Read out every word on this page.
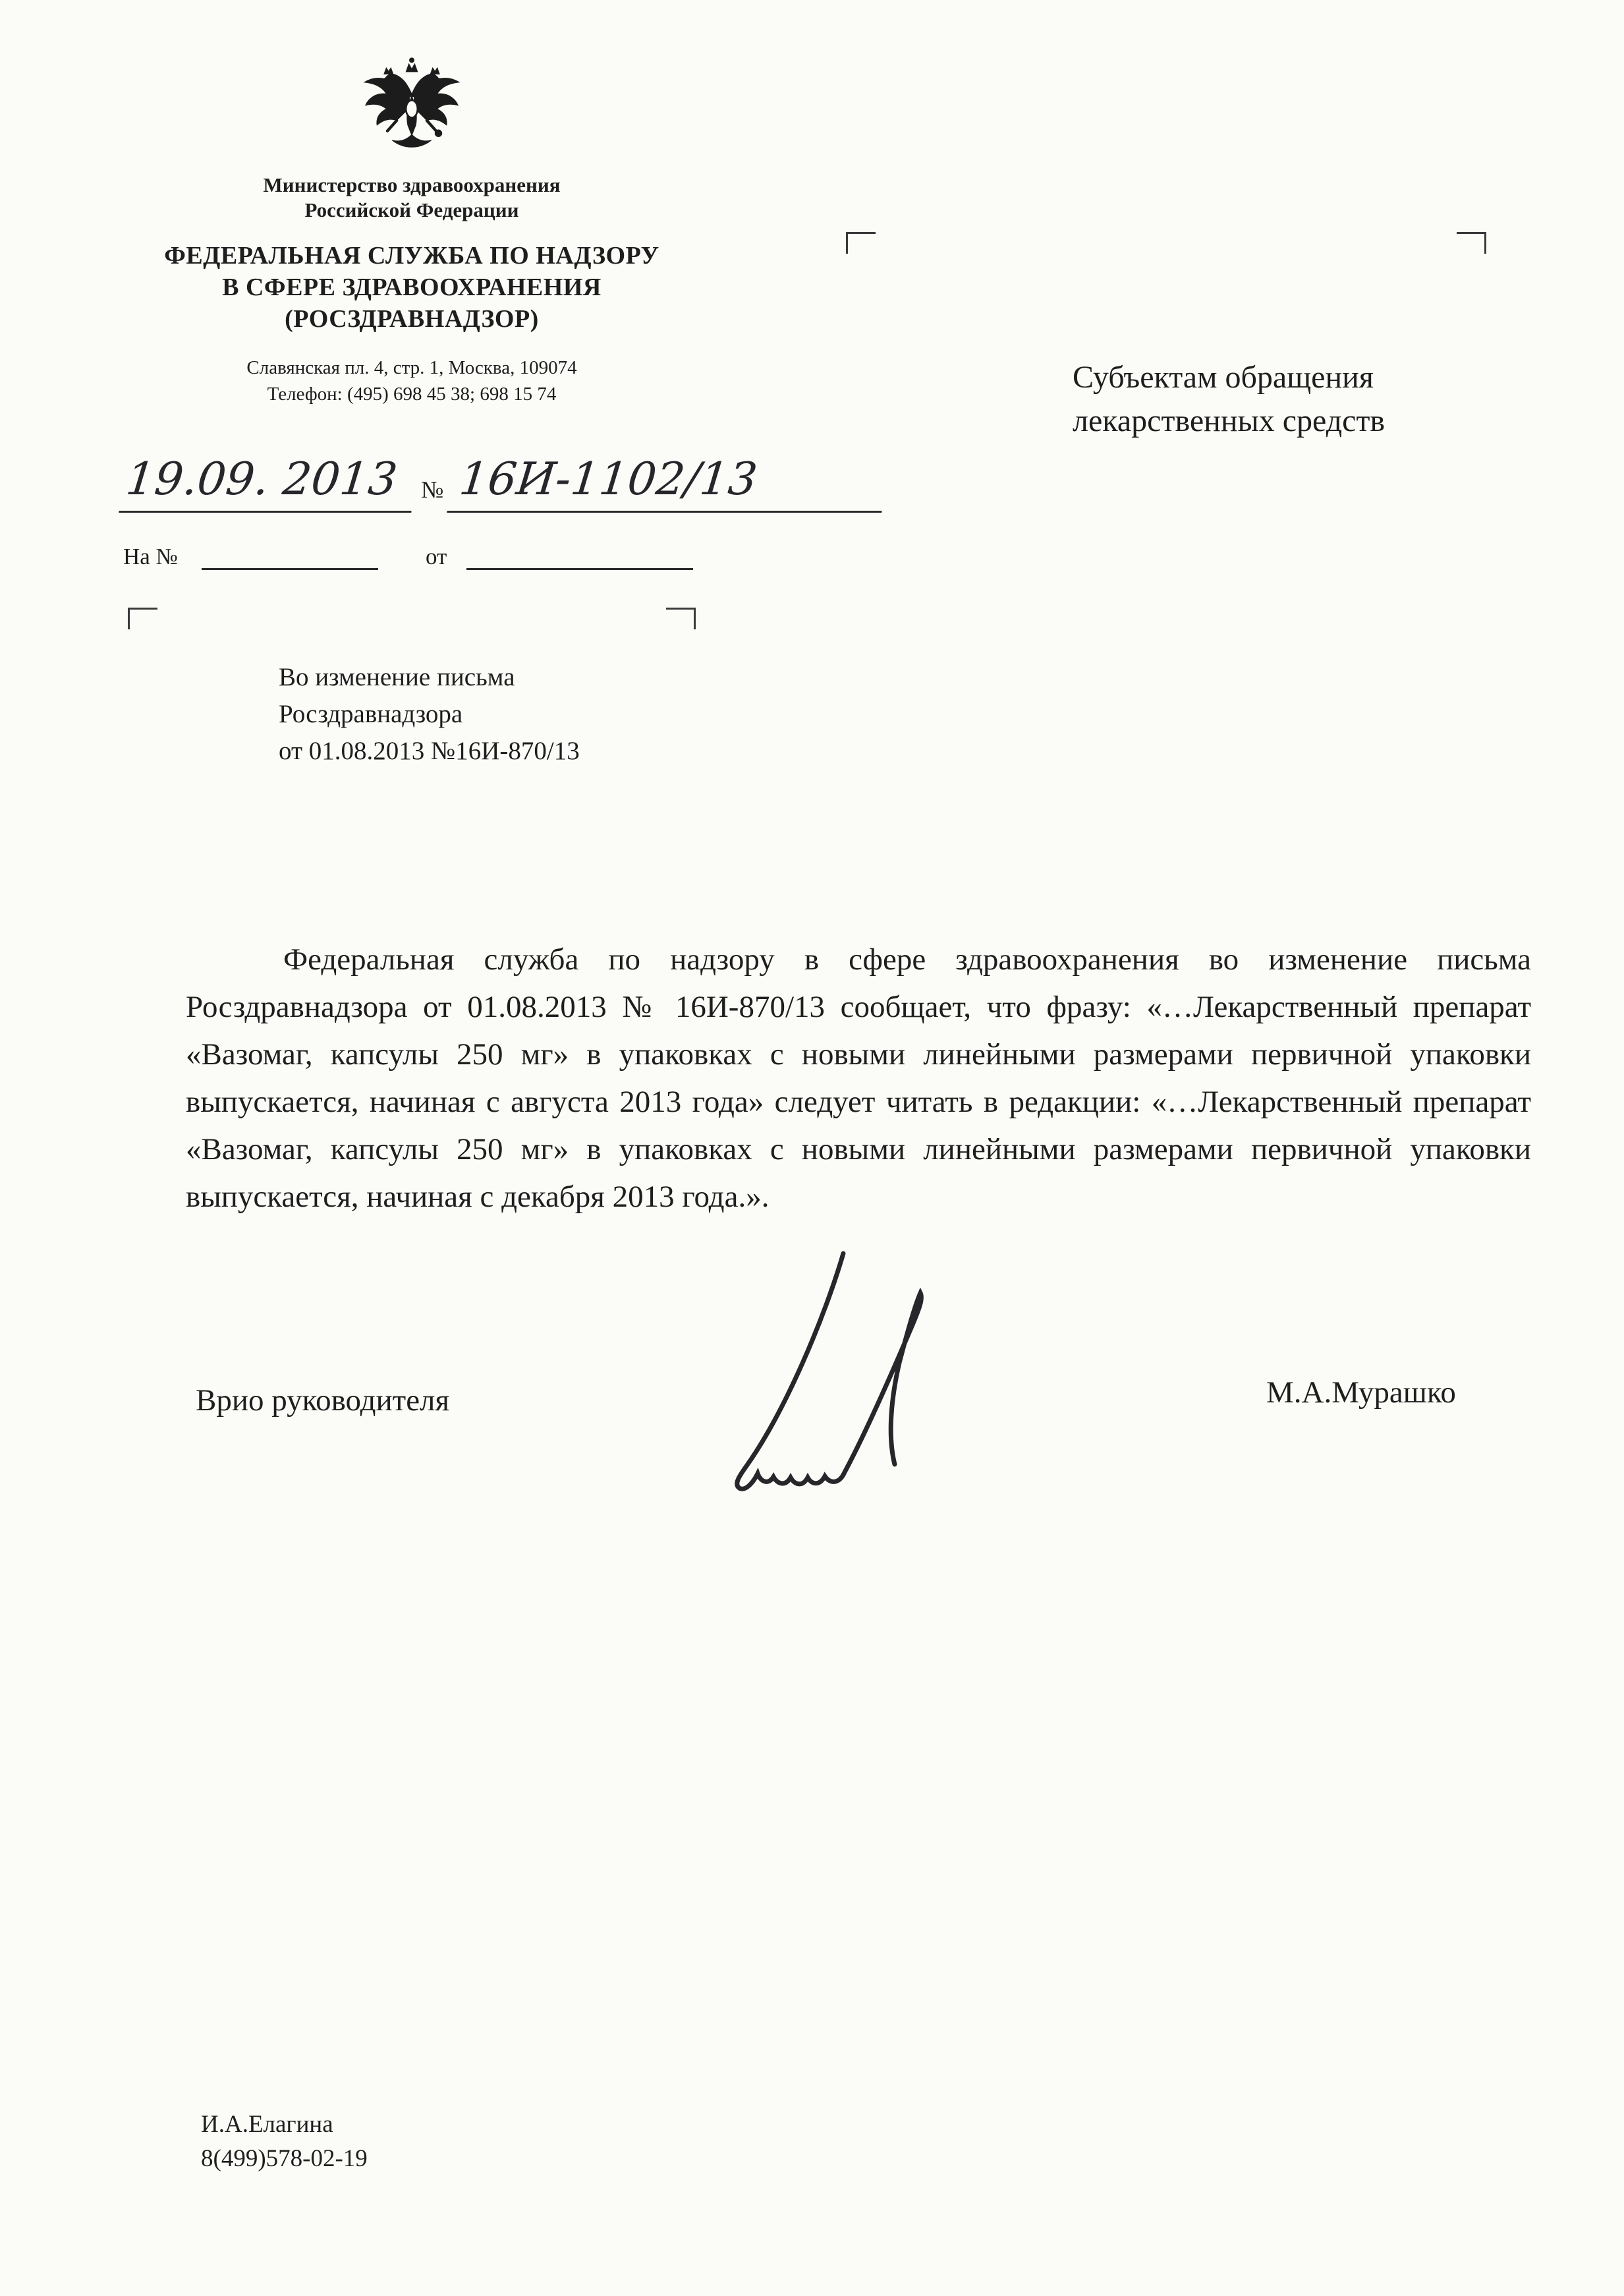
Министерство здравоохранения
Российской Федерации
ФЕДЕРАЛЬНАЯ СЛУЖБА ПО НАДЗОРУ
В СФЕРЕ ЗДРАВООХРАНЕНИЯ
(РОСЗДРАВНАДЗОР)
Славянская пл. 4, стр. 1, Москва, 109074
Телефон: (495) 698 45 38; 698 15 74	Субъектам обращения
лекарственных средств
19.09. 2013 № 16И-1102/13
На №	от
Во изменение письма
Росздравнадзора
от 01.08.2013 №16И-870/13
Федеральная служба по надзору в сфере здравоохранения во изменение письма Росздравнадзора от 01.08.2013 № 16И-870/13 сообщает, что фразу: «…Лекарственный препарат «Вазомаг, капсулы 250 мг» в упаковках с новыми линейными размерами первичной упаковки выпускается, начиная с августа 2013 года» следует читать в редакции: «…Лекарственный препарат «Вазомаг, капсулы 250 мг» в упаковках с новыми линейными размерами первичной упаковки выпускается, начиная с декабря 2013 года.».
Врио руководителя	М.А.Мурашко
И.А.Елагина
8(499)578-02-19
